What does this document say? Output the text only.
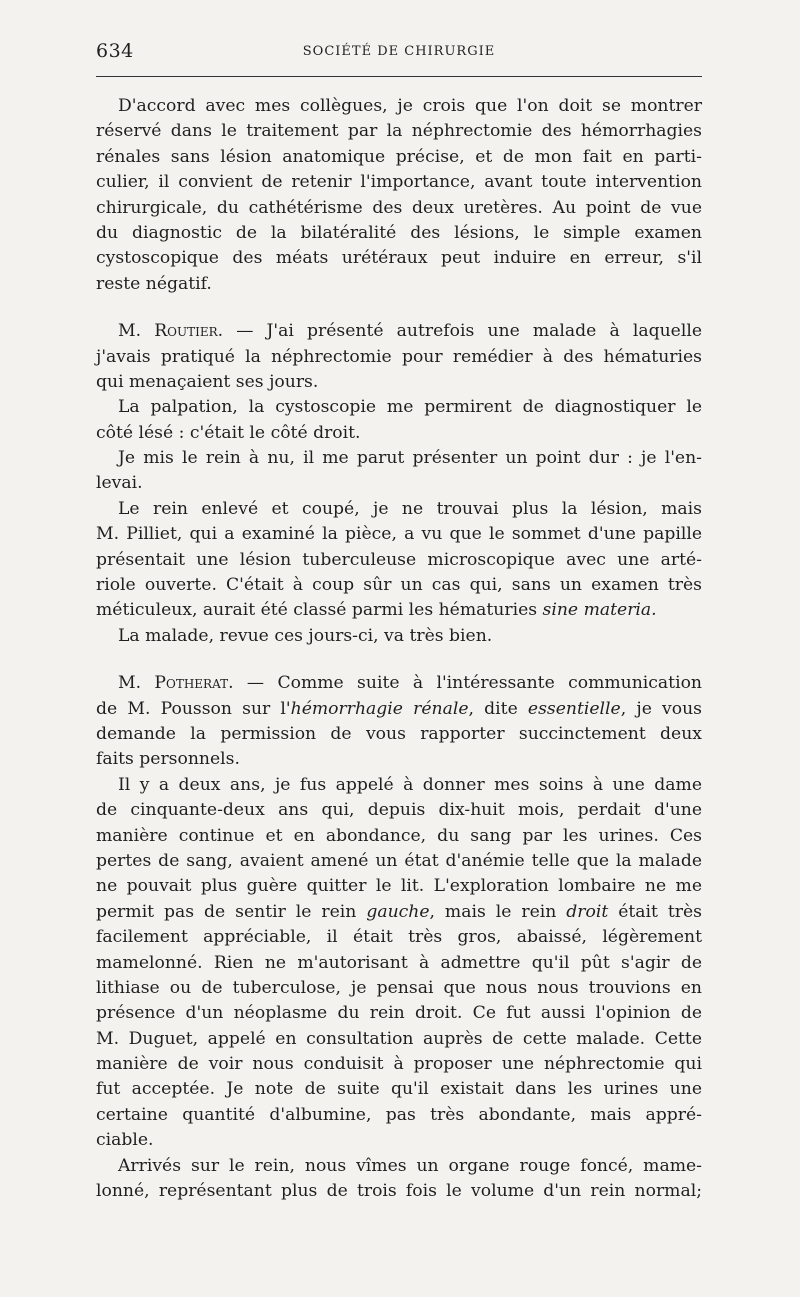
634	SOCIÉTÉ DE CHIRURGIE
D'accord avec mes collègues, je crois que l'on doit se montrer
réservé dans le traitement par la néphrectomie des hémorrhagies
rénales sans lésion anatomique précise, et de mon fait en parti-
culier, il convient de retenir l'importance, avant toute intervention
chirurgicale, du cathétérisme des deux uretères. Au point de vue
du diagnostic de la bilatéralité des lésions, le simple examen
cystoscopique des méats urétéraux peut induire en erreur, s'il
reste négatif.
M. Routier. — J'ai présenté autrefois une malade à laquelle
j'avais pratiqué la néphrectomie pour remédier à des hématuries
qui menaçaient ses jours.
La palpation, la cystoscopie me permirent de diagnostiquer le
côté lésé : c'était le côté droit.
Je mis le rein à nu, il me parut présenter un point dur : je l'en-
levai.
Le rein enlevé et coupé, je ne trouvai plus la lésion, mais
M. Pilliet, qui a examiné la pièce, a vu que le sommet d'une papille
présentait une lésion tuberculeuse microscopique avec une arté-
riole ouverte. C'était à coup sûr un cas qui, sans un examen très
méticuleux, aurait été classé parmi les hématuries sine materia.
La malade, revue ces jours-ci, va très bien.
M. Potherat. — Comme suite à l'intéressante communication
de M. Pousson sur l'hémorrhagie rénale, dite essentielle, je vous
demande la permission de vous rapporter succinctement deux
faits personnels.
Il y a deux ans, je fus appelé à donner mes soins à une dame
de cinquante-deux ans qui, depuis dix-huit mois, perdait d'une
manière continue et en abondance, du sang par les urines. Ces
pertes de sang, avaient amené un état d'anémie telle que la malade
ne pouvait plus guère quitter le lit. L'exploration lombaire ne me
permit pas de sentir le rein gauche, mais le rein droit était très
facilement appréciable, il était très gros, abaissé, légèrement
mamelonné. Rien ne m'autorisant à admettre qu'il pût s'agir de
lithiase ou de tuberculose, je pensai que nous nous trouvions en
présence d'un néoplasme du rein droit. Ce fut aussi l'opinion de
M. Duguet, appelé en consultation auprès de cette malade. Cette
manière de voir nous conduisit à proposer une néphrectomie qui
fut acceptée. Je note de suite qu'il existait dans les urines une
certaine quantité d'albumine, pas très abondante, mais appré-
ciable.
Arrivés sur le rein, nous vîmes un organe rouge foncé, mame-
lonné, représentant plus de trois fois le volume d'un rein normal;
